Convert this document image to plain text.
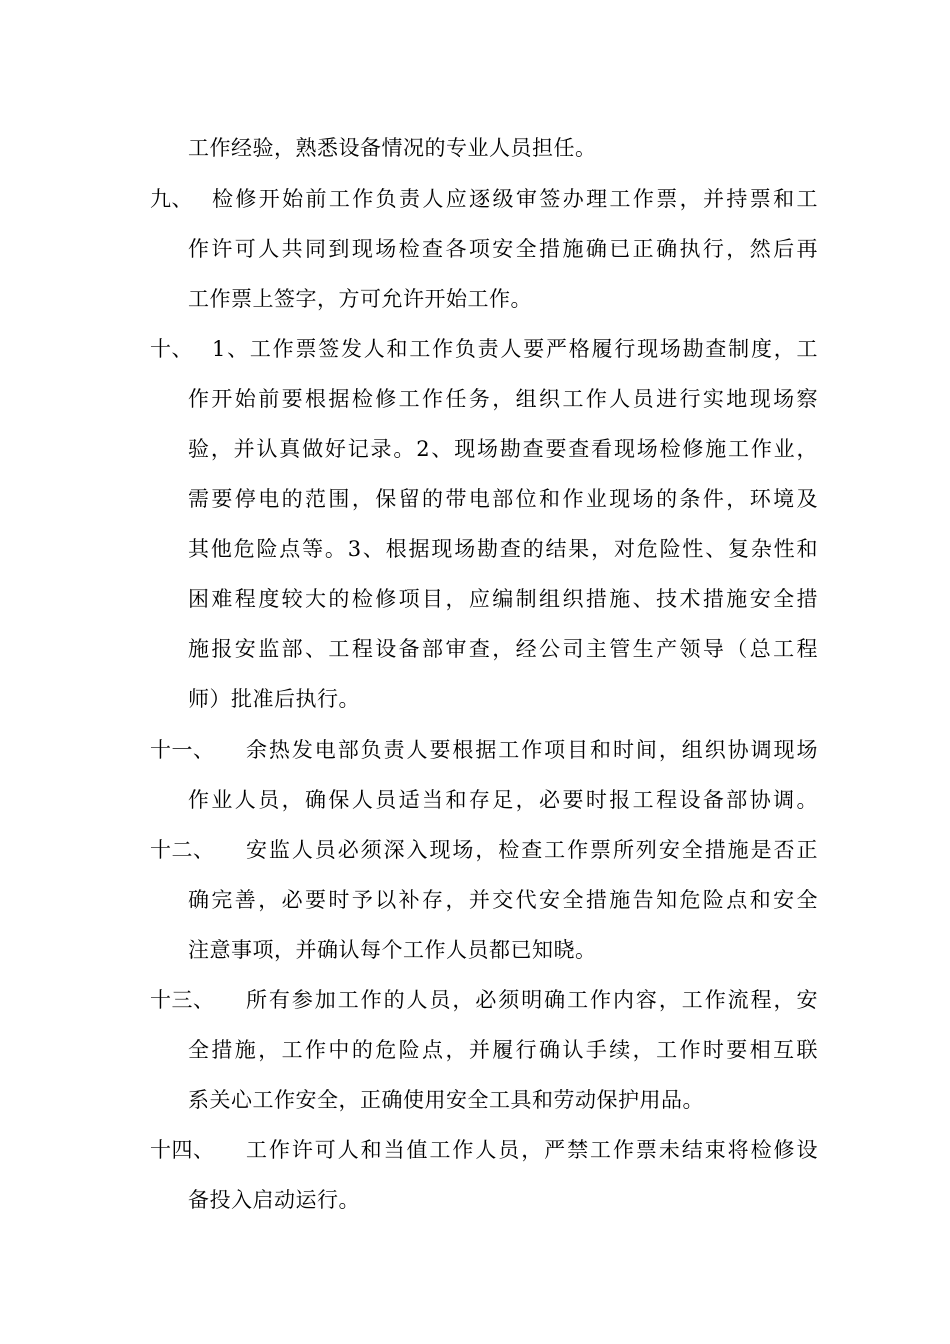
工作经验，熟悉设备情况的专业人员担任。
九、 检修开始前工作负责人应逐级审签办理工作票，并持票和工
作许可人共同到现场检查各项安全措施确已正确执行，然后再
工作票上签字，方可允许开始工作。
十、 1、工作票签发人和工作负责人要严格履行现场勘查制度，工
作开始前要根据检修工作任务，组织工作人员进行实地现场察
验，并认真做好记录。2、现场勘查要查看现场检修施工作业，
需要停电的范围，保留的带电部位和作业现场的条件，环境及
其他危险点等。3、根据现场勘查的结果，对危险性、复杂性和
困难程度较大的检修项目，应编制组织措施、技术措施安全措
施报安监部、工程设备部审查，经公司主管生产领导（总工程
师）批准后执行。
十一、 余热发电部负责人要根据工作项目和时间，组织协调现场
作业人员，确保人员适当和存足，必要时报工程设备部协调。
十二、 安监人员必须深入现场，检查工作票所列安全措施是否正
确完善，必要时予以补存，并交代安全措施告知危险点和安全
注意事项，并确认每个工作人员都已知晓。
十三、 所有参加工作的人员，必须明确工作内容，工作流程，安
全措施，工作中的危险点，并履行确认手续，工作时要相互联
系关心工作安全，正确使用安全工具和劳动保护用品。
十四、 工作许可人和当值工作人员，严禁工作票未结束将检修设
备投入启动运行。
